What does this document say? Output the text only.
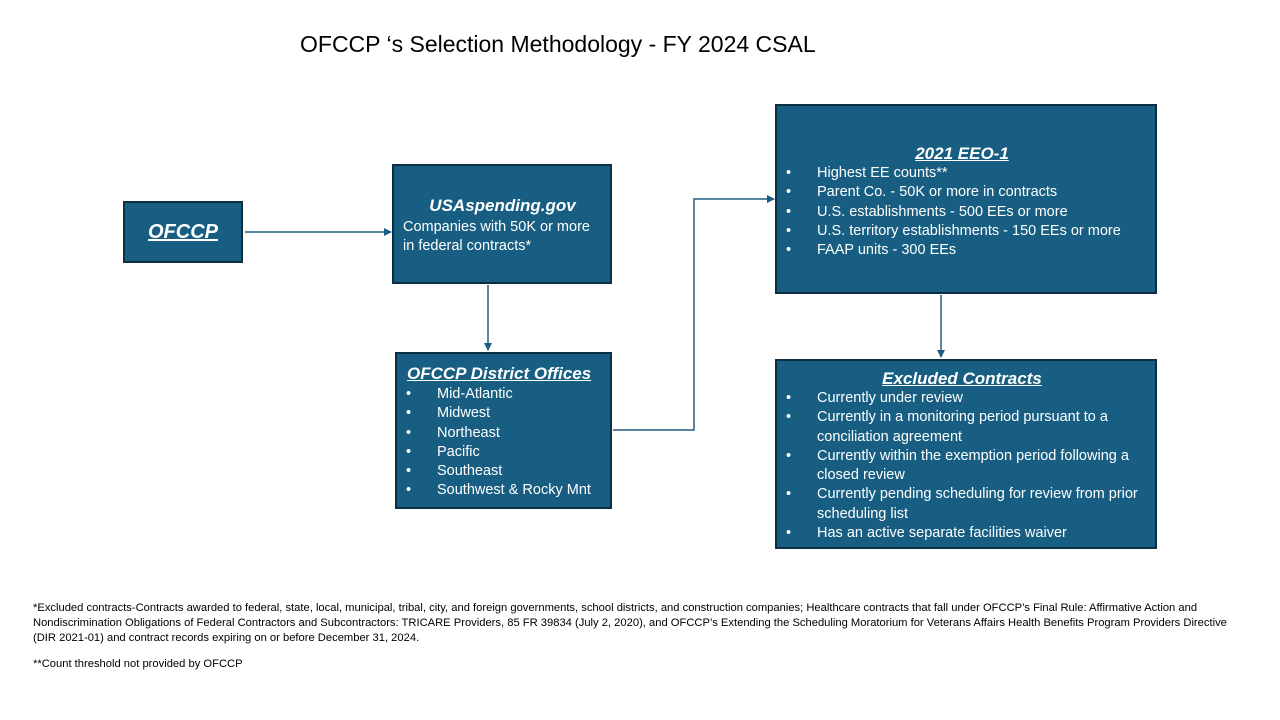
OFCCP ‘s Selection Methodology - FY 2024 CSAL
OFCCP
USAspending.gov

Companies with 50K or more in federal contracts*

OFCCP District Offices
• Mid-Atlantic
• Midwest
• Northeast
• Pacific
• Southeast
• Southwest & Rocky Mnt
2021 EEO-1
• Highest EE counts**
• Parent Co. - 50K or more in contracts
• U.S. establishments - 500 EEs or more
• U.S. territory establishments - 150 EEs or more
• FAAP units - 300 EEs
Excluded Contracts
• Currently under review
• Currently in a monitoring period pursuant to a conciliation agreement
• Currently within the exemption period following a closed review
• Currently pending scheduling for review from prior scheduling list
• Has an active separate facilities waiver
*Excluded contracts-Contracts awarded to federal, state, local, municipal, tribal, city, and foreign governments, school districts, and construction companies; Healthcare contracts that fall under OFCCP’s Final Rule: Affirmative Action and Nondiscrimination Obligations of Federal Contractors and Subcontractors: TRICARE Providers, 85 FR 39834 (July 2, 2020), and OFCCP’s Extending the Scheduling Moratorium for Veterans Affairs Health Benefits Program Providers Directive (DIR 2021-01) and contract records expiring on or before December 31, 2024.
**Count threshold not provided by OFCCP
